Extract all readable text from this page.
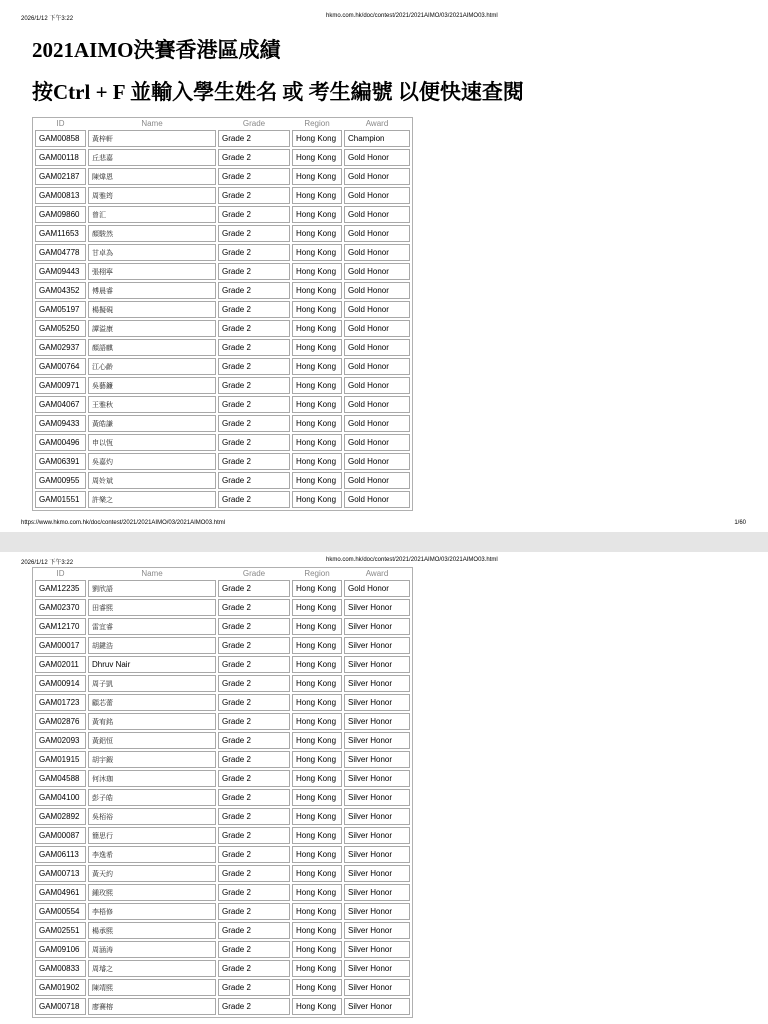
2026/1/12 下午3:22	hkmo.com.hk/doc/contest/2021/2021AIMO/03/2021AIMO03.html
2021AIMO決賽香港區成績
按Ctrl + F 並輸入學生姓名 或 考生編號 以便快速查閱
ID	Name	Grade	Region	Award
GAM00858	黃梓軒	Grade 2	Hong Kong	Champion
GAM00118	丘悲嘉	Grade 2	Hong Kong	Gold Honor
GAM02187	陳煒恩	Grade 2	Hong Kong	Gold Honor
GAM00813	周雅筠	Grade 2	Hong Kong	Gold Honor
GAM09860	曾汇	Grade 2	Hong Kong	Gold Honor
GAM11653	顏駿然	Grade 2	Hong Kong	Gold Honor
GAM04778	甘卓為	Grade 2	Hong Kong	Gold Honor
GAM09443	張栩寧	Grade 2	Hong Kong	Gold Honor
GAM04352	傅晨睿	Grade 2	Hong Kong	Gold Honor
GAM05197	楊擬硯	Grade 2	Hong Kong	Gold Honor
GAM05250	譚溢康	Grade 2	Hong Kong	Gold Honor
GAM02937	顏語麒	Grade 2	Hong Kong	Gold Honor
GAM00764	江心齡	Grade 2	Hong Kong	Gold Honor
GAM00971	吳藝鐮	Grade 2	Hong Kong	Gold Honor
GAM04067	王雅秋	Grade 2	Hong Kong	Gold Honor
GAM09433	黃皓謙	Grade 2	Hong Kong	Gold Honor
GAM00496	申以恆	Grade 2	Hong Kong	Gold Honor
GAM06391	吳嘉灼	Grade 2	Hong Kong	Gold Honor
GAM00955	周姈斌	Grade 2	Hong Kong	Gold Honor
GAM01551	許樂之	Grade 2	Hong Kong	Gold Honor
https://www.hkmo.com.hk/doc/contest/2021/2021AIMO/03/2021AIMO03.html	1/60
2026/1/12 下午3:22	hkmo.com.hk/doc/contest/2021/2021AIMO/03/2021AIMO03.html
ID	Name	Grade	Region	Award
GAM12235	劉欣語	Grade 2	Hong Kong	Gold Honor
GAM02370	田睿熙	Grade 2	Hong Kong	Silver Honor
GAM12170	雷宜睿	Grade 2	Hong Kong	Silver Honor
GAM00017	胡鍵浩	Grade 2	Hong Kong	Silver Honor
GAM02011	Dhruv Nair	Grade 2	Hong Kong	Silver Honor
GAM00914	周子凱	Grade 2	Hong Kong	Silver Honor
GAM01723	顧芯蕾	Grade 2	Hong Kong	Silver Honor
GAM02876	黃宥銘	Grade 2	Hong Kong	Silver Honor
GAM02093	黃鋁恒	Grade 2	Hong Kong	Silver Honor
GAM01915	胡宇鍜	Grade 2	Hong Kong	Silver Honor
GAM04588	何沐珈	Grade 2	Hong Kong	Silver Honor
GAM04100	彭子皓	Grade 2	Hong Kong	Silver Honor
GAM02892	吳栢裕	Grade 2	Hong Kong	Silver Honor
GAM00087	簡思行	Grade 2	Hong Kong	Silver Honor
GAM06113	李逸希	Grade 2	Hong Kong	Silver Honor
GAM00713	黃天約	Grade 2	Hong Kong	Silver Honor
GAM04961	鍾玫熙	Grade 2	Hong Kong	Silver Honor
GAM00554	李梧修	Grade 2	Hong Kong	Silver Honor
GAM02551	楊承熙	Grade 2	Hong Kong	Silver Honor
GAM09106	周涵涛	Grade 2	Hong Kong	Silver Honor
GAM00833	周璿之	Grade 2	Hong Kong	Silver Honor
GAM01902	陳靖熙	Grade 2	Hong Kong	Silver Honor
GAM00718	廖賽榕	Grade 2	Hong Kong	Silver Honor
